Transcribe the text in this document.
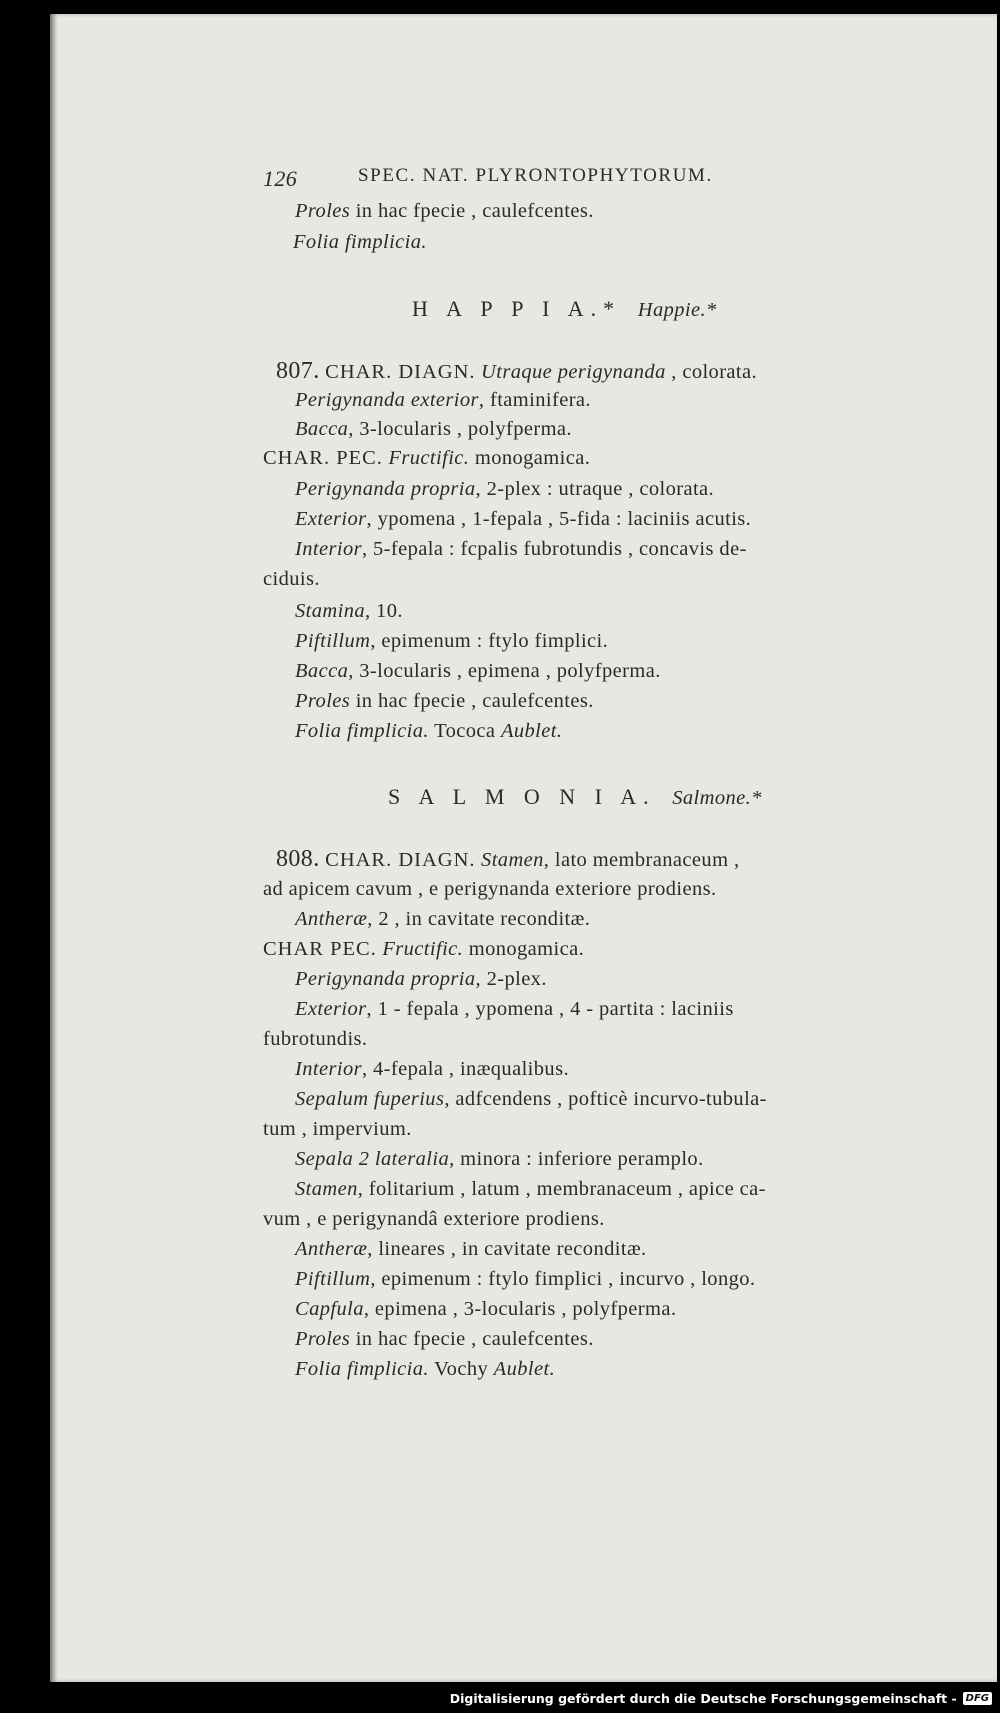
126	SPEC. NAT. PLYRONTOPHYTORUM.
Proles in hac fpecie , caulefcentes.
Folia fimplicia.
H A P P I A.* Happie.*
807. CHAR. DIAGN. Utraque perigynanda , colorata.
Perigynanda exterior, ftaminifera.
Bacca, 3-locularis , polyfperma.
CHAR. PEC. Fructific. monogamica.
Perigynanda propria, 2-plex : utraque , colorata.
Exterior, ypomena , 1-fepala , 5-fida : laciniis acutis.
Interior, 5-fepala : fcpalis fubrotundis , concavis de-
ciduis.
Stamina, 10.
Piftillum, epimenum : ftylo fimplici.
Bacca, 3-locularis , epimena , polyfperma.
Proles in hac fpecie , caulefcentes.
Folia fimplicia. Tococa Aublet.
S A L M O N I A. Salmone.*
808. CHAR. DIAGN. Stamen, lato membranaceum ,
ad apicem cavum , e perigynanda exteriore prodiens.
Antheræ, 2 , in cavitate reconditæ.
CHAR PEC. Fructific. monogamica.
Perigynanda propria, 2-plex.
Exterior, 1 - fepala , ypomena , 4 - partita : laciniis
fubrotundis.
Interior, 4-fepala , inæqualibus.
Sepalum fuperius, adfcendens , pofticè incurvo-tubula-
tum , impervium.
Sepala 2 lateralia, minora : inferiore peramplo.
Stamen, folitarium , latum , membranaceum , apice ca-
vum , e perigynandâ exteriore prodiens.
Antheræ, lineares , in cavitate reconditæ.
Piftillum, epimenum : ftylo fimplici , incurvo , longo.
Capfula, epimena , 3-locularis , polyfperma.
Proles in hac fpecie , caulefcentes.
Folia fimplicia. Vochy Aublet.
Digitalisierung gefördert durch die Deutsche Forschungsgemeinschaft - DFG
